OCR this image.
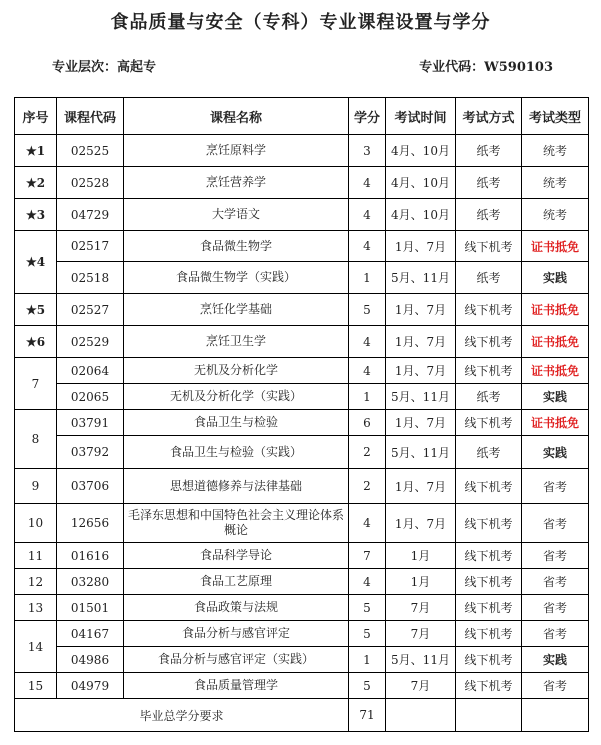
食品质量与安全（专科）专业课程设置与学分
专业层次：高起专	专业代码：W590103
序号	课程代码	课程名称	学分	考试时间	考试方式	考试类型
★1	02525	烹饪原料学	3	4月、10月	纸考	统考
★2	02528	烹饪营养学	4	4月、10月	纸考	统考
★3	04729	大学语文	4	4月、10月	纸考	统考
★4	02517	食品微生物学	4	1月、7月	线下机考	证书抵免
	02518	食品微生物学（实践）	1	5月、11月	纸考	实践
★5	02527	烹饪化学基础	5	1月、7月	线下机考	证书抵免
★6	02529	烹饪卫生学	4	1月、7月	线下机考	证书抵免
7	02064	无机及分析化学	4	1月、7月	线下机考	证书抵免
	02065	无机及分析化学（实践）	1	5月、11月	纸考	实践
8	03791	食品卫生与检验	6	1月、7月	线下机考	证书抵免
	03792	食品卫生与检验（实践）	2	5月、11月	纸考	实践
9	03706	思想道德修养与法律基础	2	1月、7月	线下机考	省考
10	12656	毛泽东思想和中国特色社会主义理论体系概论	4	1月、7月	线下机考	省考
11	01616	食品科学导论	7	1月	线下机考	省考
12	03280	食品工艺原理	4	1月	线下机考	省考
13	01501	食品政策与法规	5	7月	线下机考	省考
14	04167	食品分析与感官评定	5	7月	线下机考	省考
	04986	食品分析与感官评定（实践）	1	5月、11月	线下机考	实践
15	04979	食品质量管理学	5	7月	线下机考	省考
毕业总学分要求			71			
